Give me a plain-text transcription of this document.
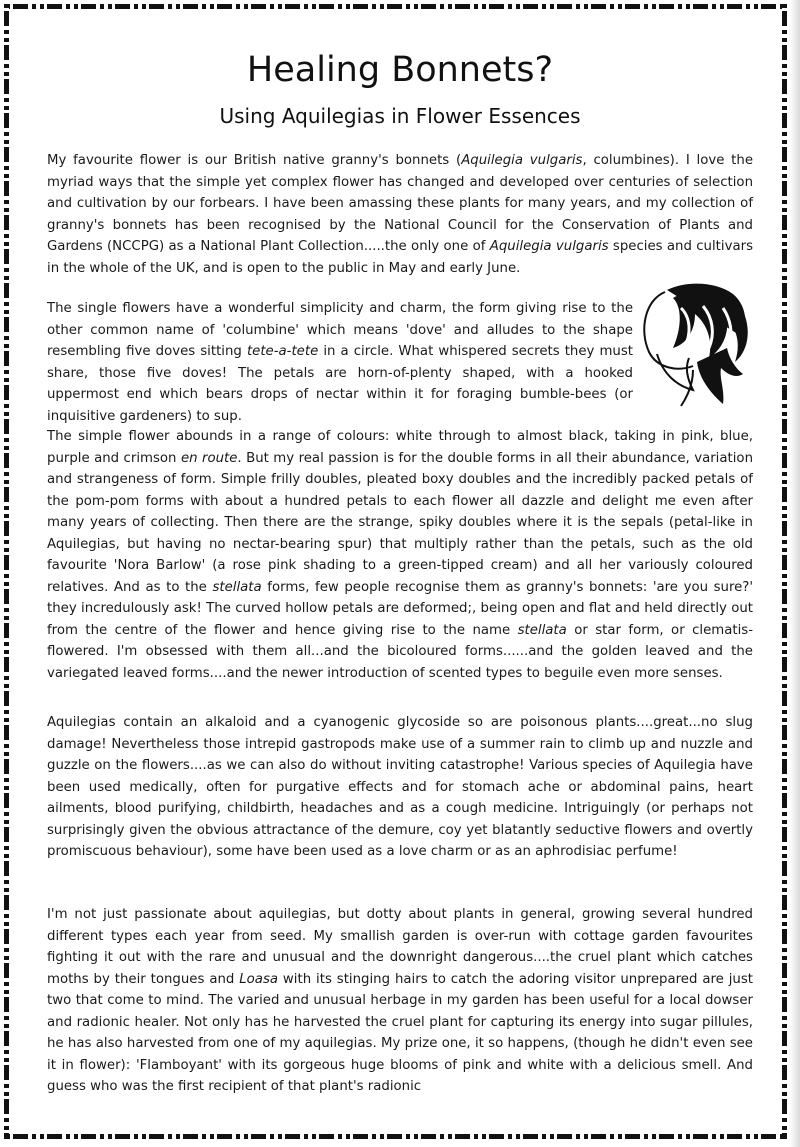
Healing Bonnets?
Using Aquilegias in Flower Essences

My favourite flower is our British native granny's bonnets (Aquilegia vulgaris, columbines). I love the myriad ways that the simple yet complex flower has changed and developed over centuries of selection and cultivation by our forbears. I have been amassing these plants for many years, and my collection of granny's bonnets has been recognised by the National Council for the Conservation of Plants and Gardens (NCCPG) as a National Plant Collection.....the only one of Aquilegia vulgaris species and cultivars in the whole of the UK, and is open to the public in May and early June.

The single flowers have a wonderful simplicity and charm, the form giving rise to the other common name of 'columbine' which means 'dove' and alludes to the shape resembling five doves sitting tete-a-tete in a circle. What whispered secrets they must share, those five doves! The petals are horn-of-plenty shaped, with a hooked uppermost end which bears drops of nectar within it for foraging bumble-bees (or inquisitive gardeners) to sup.

The simple flower abounds in a range of colours: white through to almost black, taking in pink, blue, purple and crimson en route. But my real passion is for the double forms in all their abundance, variation and strangeness of form. Simple frilly doubles, pleated boxy doubles and the incredibly packed petals of the pom-pom forms with about a hundred petals to each flower all dazzle and delight me even after many years of collecting. Then there are the strange, spiky doubles where it is the sepals (petal-like in Aquilegias, but having no nectar-bearing spur) that multiply rather than the petals, such as the old favourite 'Nora Barlow' (a rose pink shading to a green-tipped cream) and all her variously coloured relatives. And as to the stellata forms, few people recognise them as granny's bonnets: 'are you sure?' they incredulously ask! The curved hollow petals are deformed;, being open and flat and held directly out from the centre of the flower and hence giving rise to the name stellata or star form, or clematis-flowered. I'm obsessed with them all...and the bicoloured forms......and the golden leaved and the variegated leaved forms....and the newer introduction of scented types to beguile even more senses.

Aquilegias contain an alkaloid and a cyanogenic glycoside so are poisonous plants....great...no slug damage! Nevertheless those intrepid gastropods make use of a summer rain to climb up and nuzzle and guzzle on the flowers....as we can also do without inviting catastrophe! Various species of Aquilegia have been used medically, often for purgative effects and for stomach ache or abdominal pains, heart ailments, blood purifying, childbirth, headaches and as a cough medicine. Intriguingly (or perhaps not surprisingly given the obvious attractance of the demure, coy yet blatantly seductive flowers and overtly promiscuous behaviour), some have been used as a love charm or as an aphrodisiac perfume!

I'm not just passionate about aquilegias, but dotty about plants in general, growing several hundred different types each year from seed. My smallish garden is over-run with cottage garden favourites fighting it out with the rare and unusual and the downright dangerous....the cruel plant which catches moths by their tongues and Loasa with its stinging hairs to catch the adoring visitor unprepared are just two that come to mind. The varied and unusual herbage in my garden has been useful for a local dowser and radionic healer. Not only has he harvested the cruel plant for capturing its energy into sugar pillules, he has also harvested from one of my aquilegias. My prize one, it so happens, (though he didn't even see it in flower): 'Flamboyant' with its gorgeous huge blooms of pink and white with a delicious smell. And guess who was the first recipient of that plant's radionic
